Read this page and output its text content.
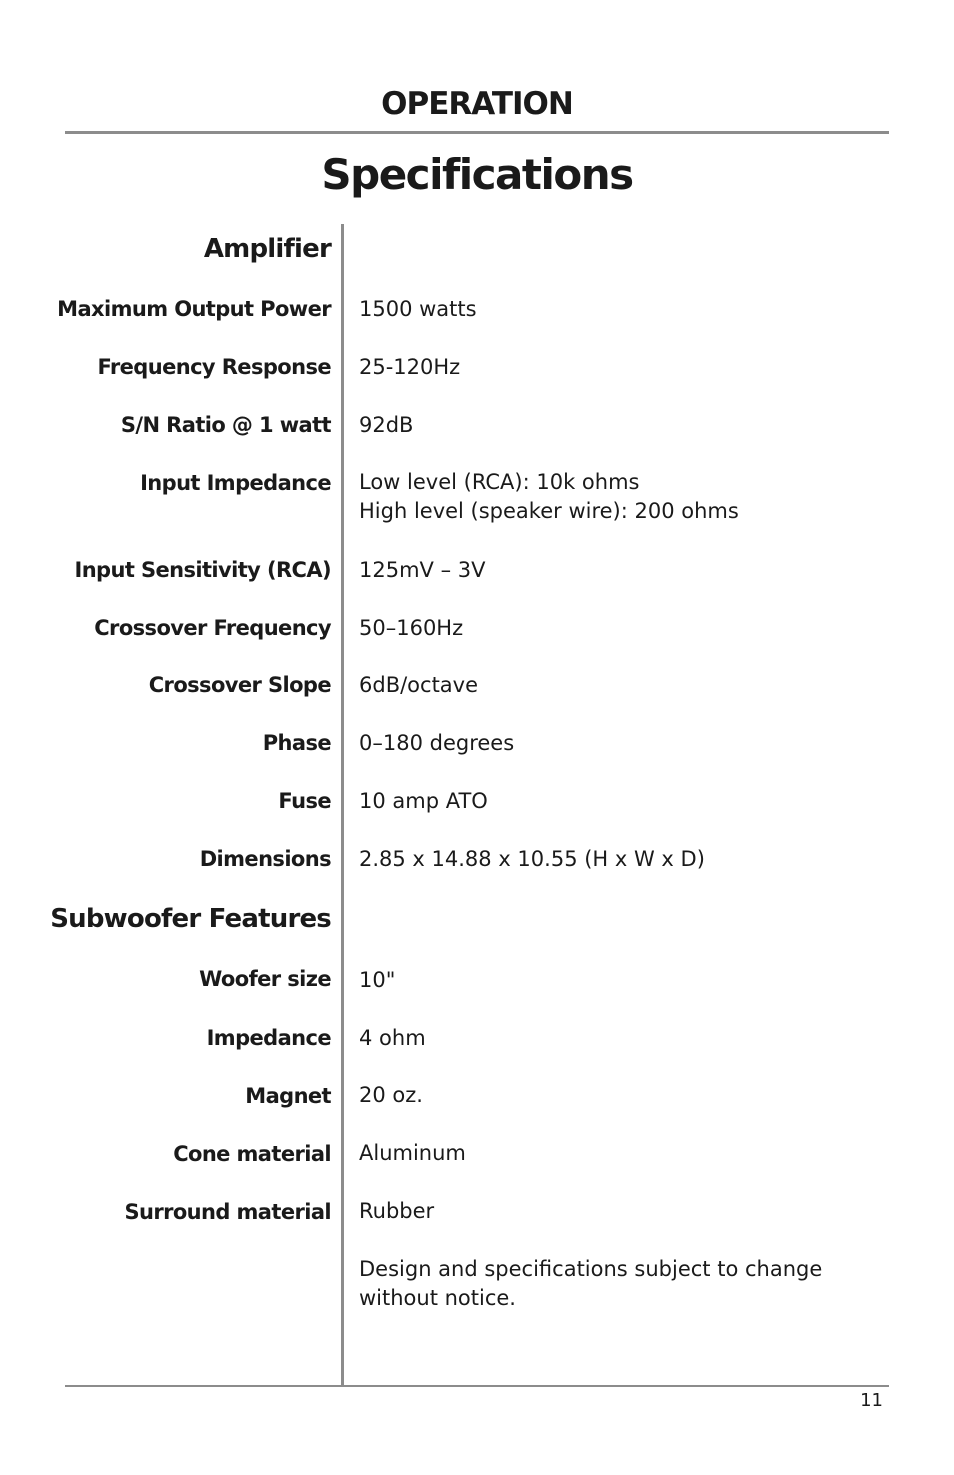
OPERATION
Specifications
Amplifier
Maximum Output Power 1500 watts
Frequency Response 25-120Hz
S/N Ratio @ 1 watt 92dB
Input Impedance Low level (RCA): 10k ohms
High level (speaker wire): 200 ohms
Input Sensitivity (RCA) 125mV – 3V
Crossover Frequency 50–160Hz
Crossover Slope 6dB/octave
Phase 0–180 degrees
Fuse 10 amp ATO
Dimensions 2.85 x 14.88 x 10.55 (H x W x D)
Subwoofer Features
Woofer size 10"
Impedance 4 ohm
Magnet 20 oz.
Cone material Aluminum
Surround material Rubber
Design and specifications subject to change without notice.
11
